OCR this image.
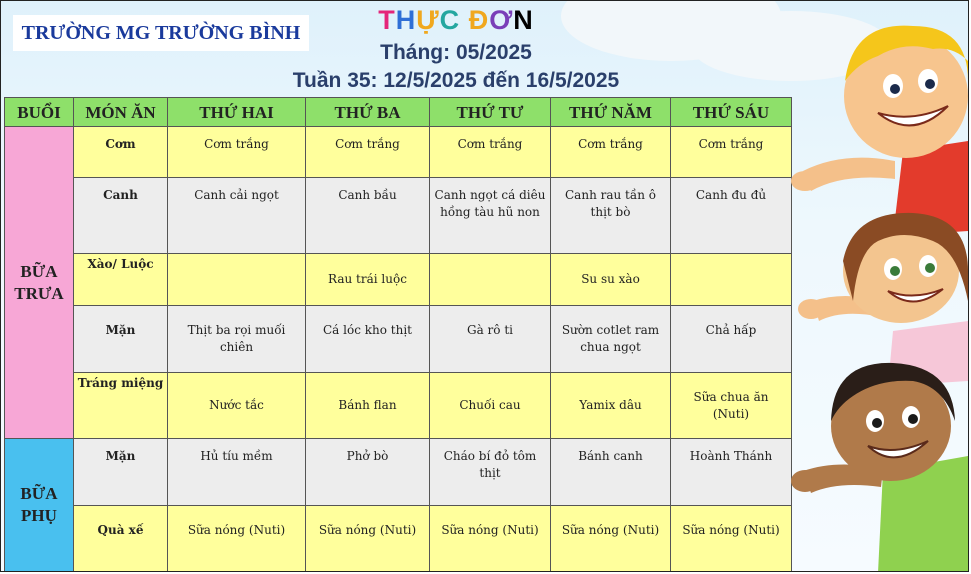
TRƯỜNG MG TRƯỜNG BÌNH	THỰC ĐƠN
Tháng: 05/2025
Tuần 35: 12/5/2025 đến 16/5/2025
BUỔI	MÓN ĂN	THỨ HAI	THỨ BA	THỨ TƯ	THỨ NĂM	THỨ SÁU
BỮA
TRƯA	Cơm	Cơm trắng	Cơm trắng	Cơm trắng	Cơm trắng	Cơm trắng
	Canh	Canh cải ngọt	Canh bầu	Canh ngọt cá diêu hồng tàu hũ non	Canh rau tần ô thịt bò	Canh đu đủ
	Xào/ Luộc		Rau trái luộc		Su su xào	
	Mặn	Thịt ba rọi muối chiên	Cá lóc kho thịt	Gà rô ti	Sườn cotlet ram chua ngọt	Chả hấp
	Tráng miệng	Nước tắc	Bánh flan	Chuối cau	Yamix dâu	Sữa chua ăn (Nuti)
BỮA
PHỤ	Mặn	Hủ tíu mềm	Phở bò	Cháo bí đỏ tôm thịt	Bánh canh	Hoành Thánh
	Quà xế	Sữa nóng (Nuti)	Sữa nóng (Nuti)	Sữa nóng (Nuti)	Sữa nóng (Nuti)	Sữa nóng (Nuti)
